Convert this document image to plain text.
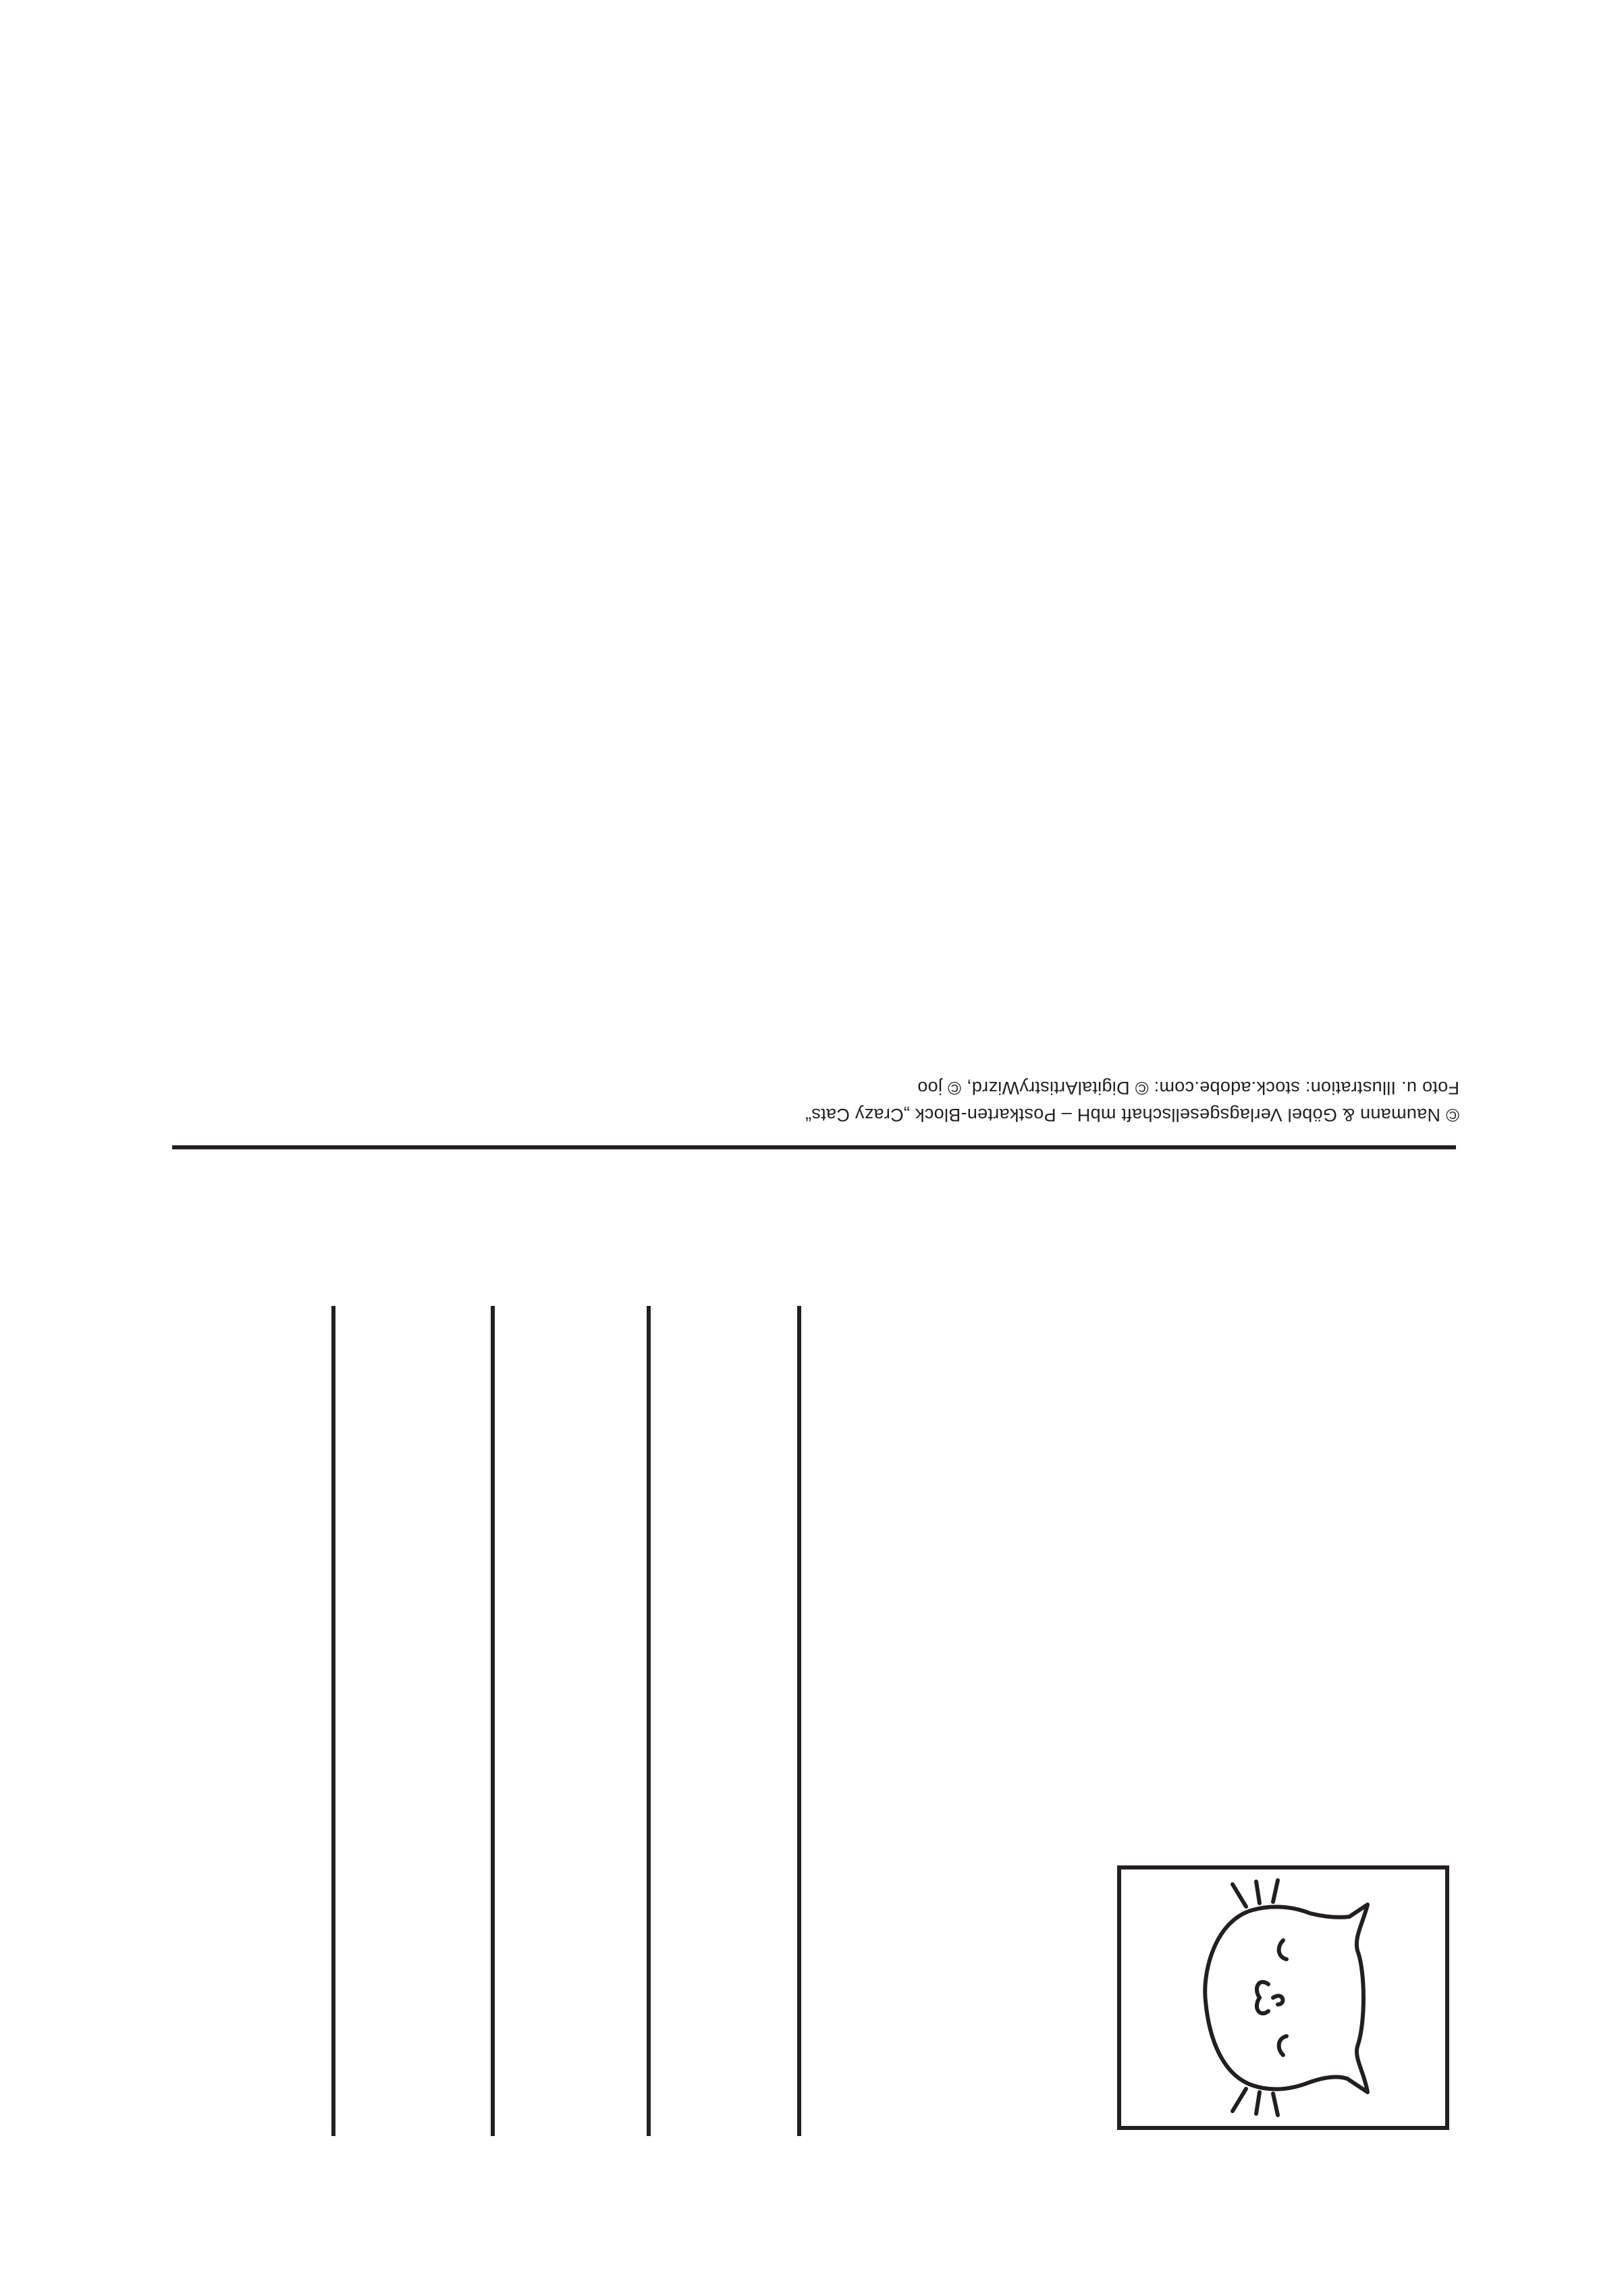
© Naumann & Göbel Verlagsgesellschaft mbH – Postkarten-Block „Crazy Cats“
Foto u. Illustration: stock.adobe.com: © DigitalArtistryWizrd, © joo
